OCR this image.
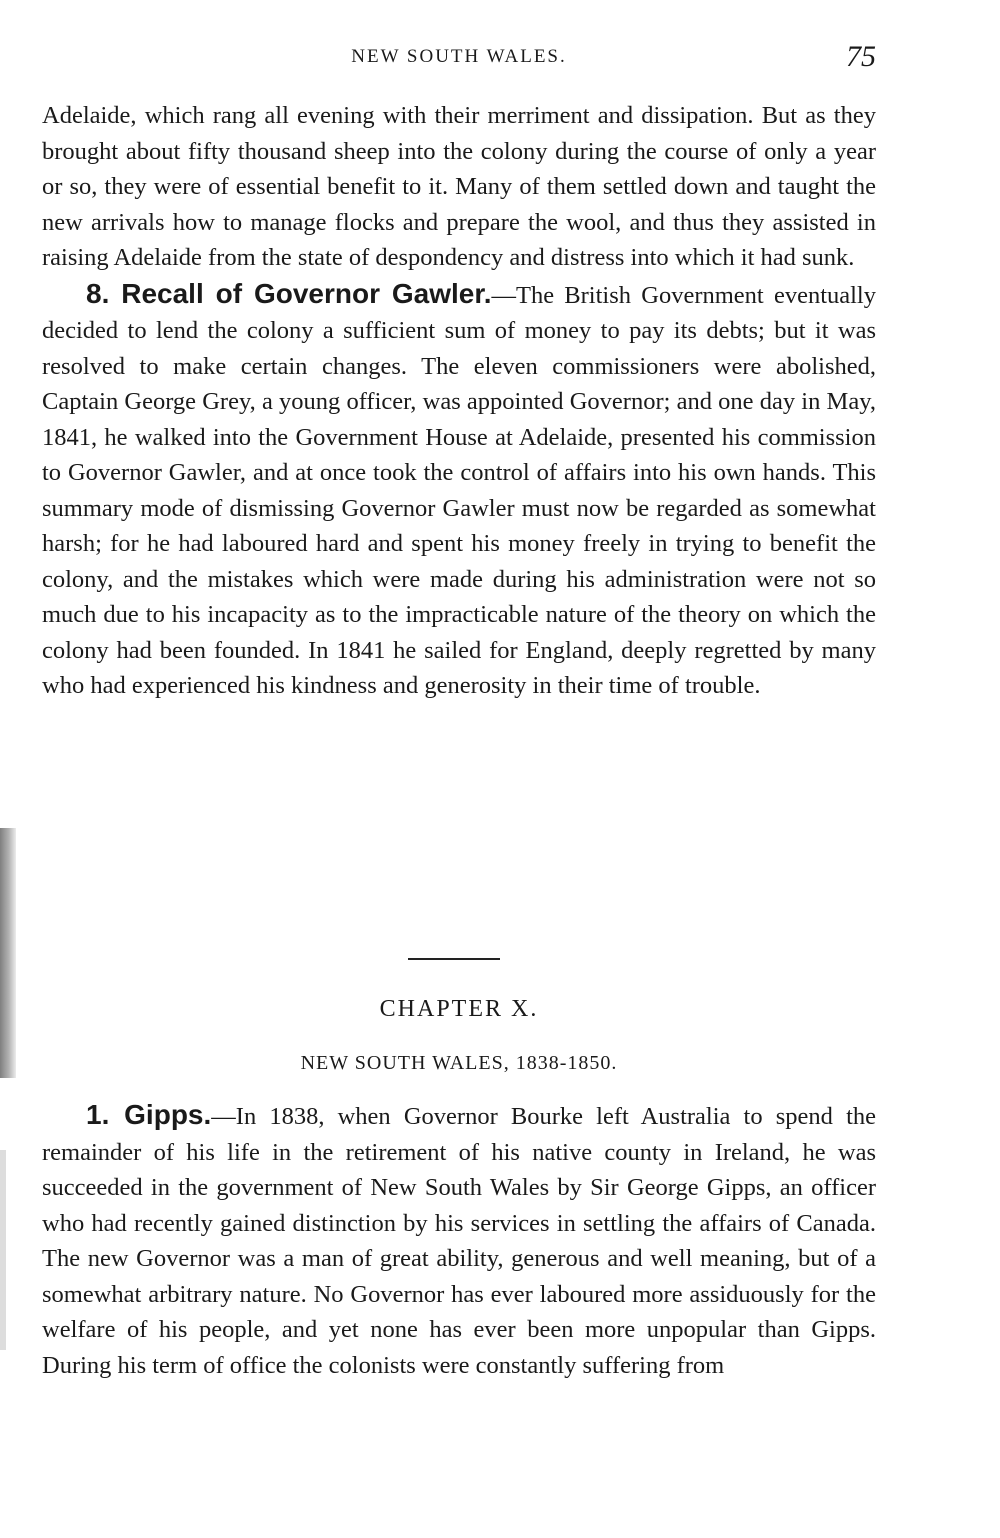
NEW SOUTH WALES.	75

Adelaide, which rang all evening with their merriment and dissipation. But as they brought about fifty thousand sheep into the colony during the course of only a year or so, they were of essential benefit to it. Many of them settled down and taught the new arrivals how to manage flocks and prepare the wool, and thus they assisted in raising Adelaide from the state of despondency and distress into which it had sunk.

8. Recall of Governor Gawler.—The British Government eventually decided to lend the colony a sufficient sum of money to pay its debts; but it was resolved to make certain changes. The eleven commissioners were abolished, Captain George Grey, a young officer, was appointed Governor; and one day in May, 1841, he walked into the Government House at Adelaide, presented his commission to Governor Gawler, and at once took the control of affairs into his own hands. This summary mode of dismissing Governor Gawler must now be regarded as somewhat harsh; for he had laboured hard and spent his money freely in trying to benefit the colony, and the mistakes which were made during his administration were not so much due to his incapacity as to the impracticable nature of the theory on which the colony had been founded. In 1841 he sailed for England, deeply regretted by many who had experienced his kindness and generosity in their time of trouble.

CHAPTER X.
NEW SOUTH WALES, 1838-1850.

1. Gipps.—In 1838, when Governor Bourke left Australia to spend the remainder of his life in the retirement of his native county in Ireland, he was succeeded in the government of New South Wales by Sir George Gipps, an officer who had recently gained distinction by his services in settling the affairs of Canada. The new Governor was a man of great ability, generous and well meaning, but of a somewhat arbitrary nature. No Governor has ever laboured more assiduously for the welfare of his people, and yet none has ever been more unpopular than Gipps. During his term of office the colonists were constantly suffering from
